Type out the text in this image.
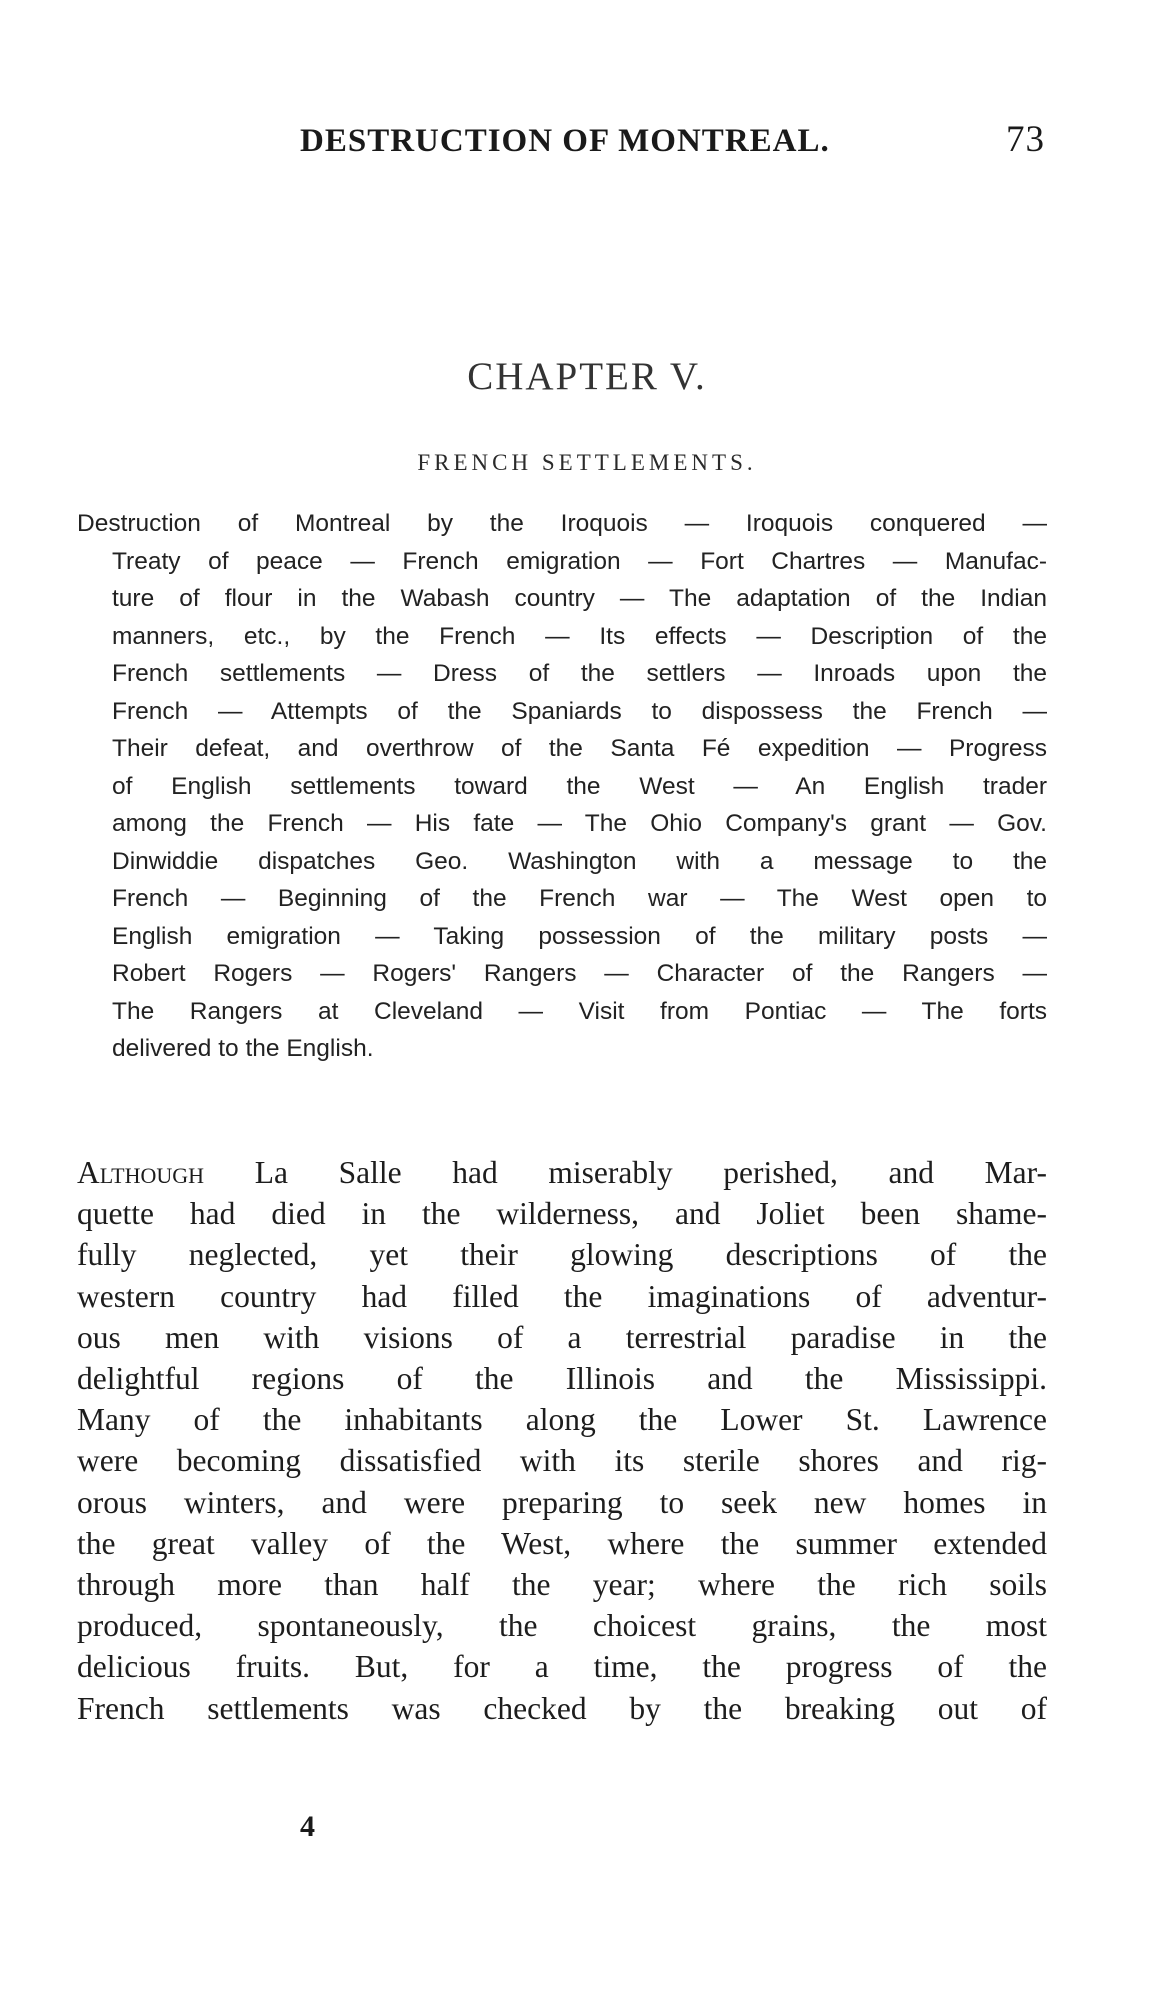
DESTRUCTION OF MONTREAL.	73
CHAPTER V.
FRENCH SETTLEMENTS.
Destruction of Montreal by the Iroquois — Iroquois conquered —
Treaty of peace — French emigration — Fort Chartres — Manufac-
ture of flour in the Wabash country — The adaptation of the Indian
manners, etc., by the French — Its effects — Description of the
French settlements — Dress of the settlers — Inroads upon the
French — Attempts of the Spaniards to dispossess the French —
Their defeat, and overthrow of the Santa Fé expedition — Progress
of English settlements toward the West — An English trader
among the French — His fate — The Ohio Company's grant — Gov.
Dinwiddie dispatches Geo. Washington with a message to the
French — Beginning of the French war — The West open to
English emigration — Taking possession of the military posts —
Robert Rogers — Rogers' Rangers — Character of the Rangers —
The Rangers at Cleveland — Visit from Pontiac — The forts
delivered to the English.
Although La Salle had miserably perished, and Mar-
quette had died in the wilderness, and Joliet been shame-
fully neglected, yet their glowing descriptions of the
western country had filled the imaginations of adventur-
ous men with visions of a terrestrial paradise in the
delightful regions of the Illinois and the Mississippi.
Many of the inhabitants along the Lower St. Lawrence
were becoming dissatisfied with its sterile shores and rig-
orous winters, and were preparing to seek new homes in
the great valley of the West, where the summer extended
through more than half the year; where the rich soils
produced, spontaneously, the choicest grains, the most
delicious fruits. But, for a time, the progress of the
French settlements was checked by the breaking out of
4
